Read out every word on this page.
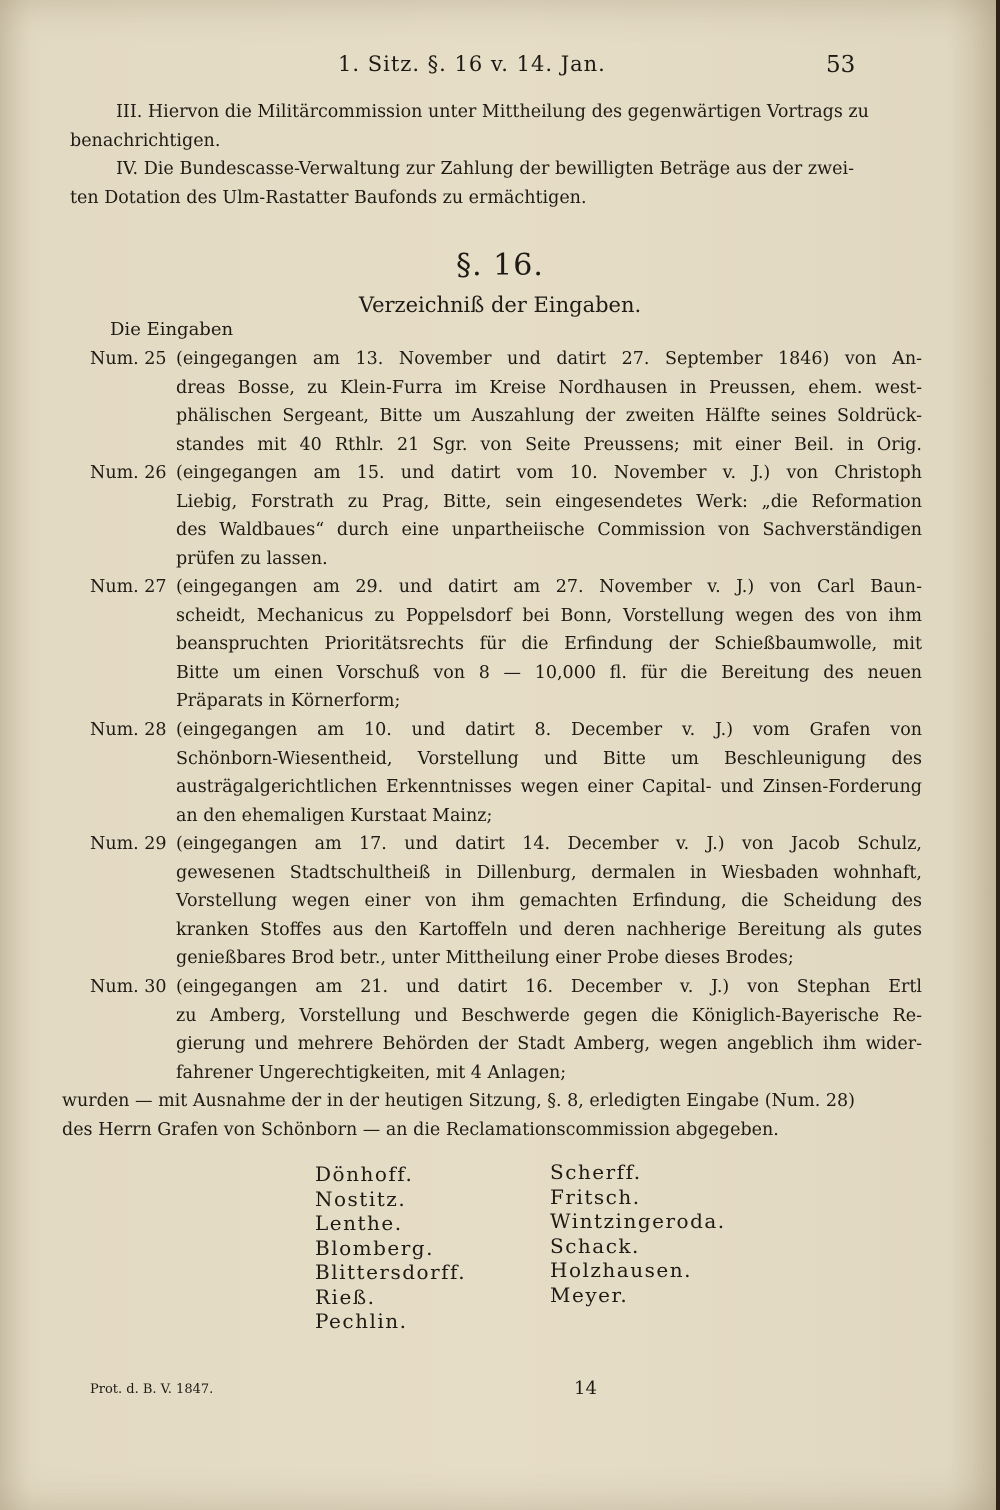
1. Sitz. §. 16 v. 14. Jan.	53
III. Hiervon die Militärcommission unter Mittheilung des gegenwärtigen Vortrags zu
benachrichtigen.
IV. Die Bundescasse-Verwaltung zur Zahlung der bewilligten Beträge aus der zwei-
ten Dotation des Ulm-Rastatter Baufonds zu ermächtigen.
§. 16.
Verzeichniß der Eingaben.
Die Eingaben
Num. 25 (eingegangen am 13. November und datirt 27. September 1846) von An-
dreas Bosse, zu Klein-Furra im Kreise Nordhausen in Preussen, ehem. west-
phälischen Sergeant, Bitte um Auszahlung der zweiten Hälfte seines Soldrück-
standes mit 40 Rthlr. 21 Sgr. von Seite Preussens; mit einer Beil. in Orig.
Num. 26 (eingegangen am 15. und datirt vom 10. November v. J.) von Christoph
Liebig, Forstrath zu Prag, Bitte, sein eingesendetes Werk: „die Reformation
des Waldbaues“ durch eine unpartheiische Commission von Sachverständigen
prüfen zu lassen.
Num. 27 (eingegangen am 29. und datirt am 27. November v. J.) von Carl Baun-
scheidt, Mechanicus zu Poppelsdorf bei Bonn, Vorstellung wegen des von ihm
beanspruchten Prioritätsrechts für die Erfindung der Schießbaumwolle, mit
Bitte um einen Vorschuß von 8 — 10,000 fl. für die Bereitung des neuen
Präparats in Körnerform;
Num. 28 (eingegangen am 10. und datirt 8. December v. J.) vom Grafen von
Schönborn-Wiesentheid, Vorstellung und Bitte um Beschleunigung des
austrägalgerichtlichen Erkenntnisses wegen einer Capital- und Zinsen-Forderung
an den ehemaligen Kurstaat Mainz;
Num. 29 (eingegangen am 17. und datirt 14. December v. J.) von Jacob Schulz,
gewesenen Stadtschultheiß in Dillenburg, dermalen in Wiesbaden wohnhaft,
Vorstellung wegen einer von ihm gemachten Erfindung, die Scheidung des
kranken Stoffes aus den Kartoffeln und deren nachherige Bereitung als gutes
genießbares Brod betr., unter Mittheilung einer Probe dieses Brodes;
Num. 30 (eingegangen am 21. und datirt 16. December v. J.) von Stephan Ertl
zu Amberg, Vorstellung und Beschwerde gegen die Königlich-Bayerische Re-
gierung und mehrere Behörden der Stadt Amberg, wegen angeblich ihm wider-
fahrener Ungerechtigkeiten, mit 4 Anlagen;
wurden — mit Ausnahme der in der heutigen Sitzung, §. 8, erledigten Eingabe (Num. 28)
des Herrn Grafen von Schönborn — an die Reclamationscommission abgegeben.
Dönhoff.
Nostitz.
Lenthe.
Blomberg.
Blittersdorff.
Rieß.
Pechlin.
Scherff.
Fritsch.
Wintzingeroda.
Schack.
Holzhausen.
Meyer.
Prot. d. B. V. 1847.	14
